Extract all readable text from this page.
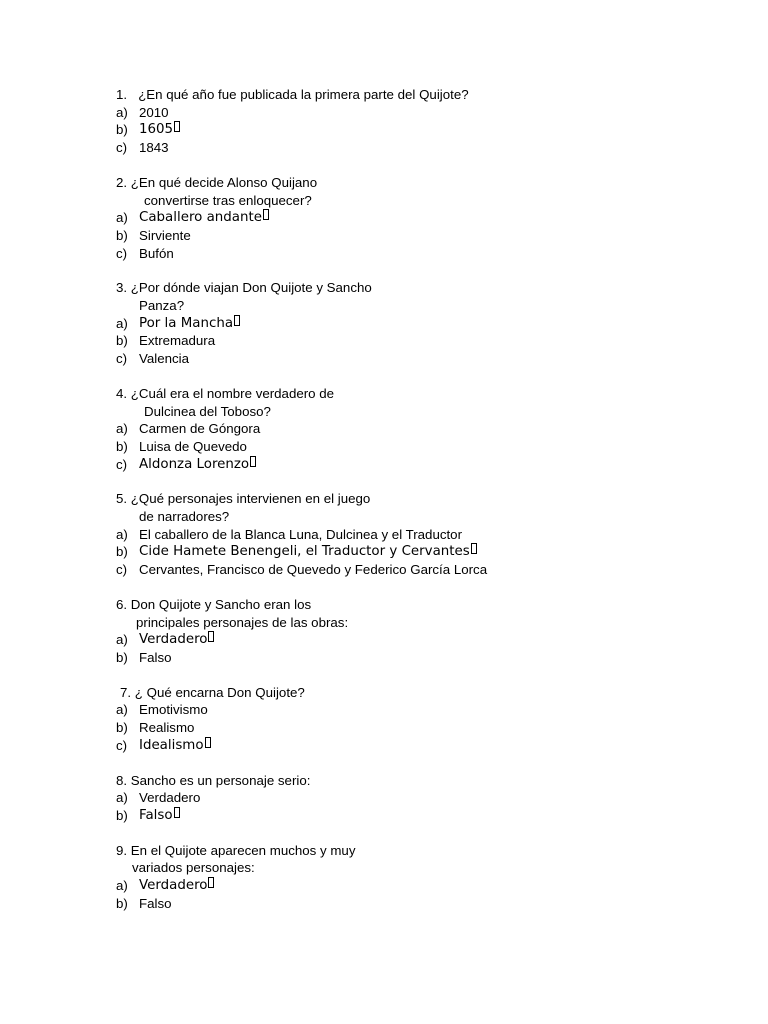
1. ¿En qué año fue publicada la primera parte del Quijote?
a) 2010
b) 1605
c) 1843
2. ¿En qué decide Alonso Quijano
convertirse tras enloquecer?
a) Caballero andante
b) Sirviente
c) Bufón
3. ¿Por dónde viajan Don Quijote y Sancho
Panza?
a) Por la Mancha
b) Extremadura
c) Valencia
4. ¿Cuál era el nombre verdadero de
Dulcinea del Toboso?
a) Carmen de Góngora
b) Luisa de Quevedo
c) Aldonza Lorenzo
5. ¿Qué personajes intervienen en el juego
de narradores?
a) El caballero de la Blanca Luna, Dulcinea y el Traductor
b) Cide Hamete Benengeli, el Traductor y Cervantes
c) Cervantes, Francisco de Quevedo y Federico García Lorca
6. Don Quijote y Sancho eran los
principales personajes de las obras:
a) Verdadero
b) Falso
7. ¿ Qué encarna Don Quijote?
a) Emotivismo
b) Realismo
c) Idealismo
8. Sancho es un personaje serio:
a) Verdadero
b) Falso
9. En el Quijote aparecen muchos y muy
variados personajes:
a) Verdadero
b) Falso
